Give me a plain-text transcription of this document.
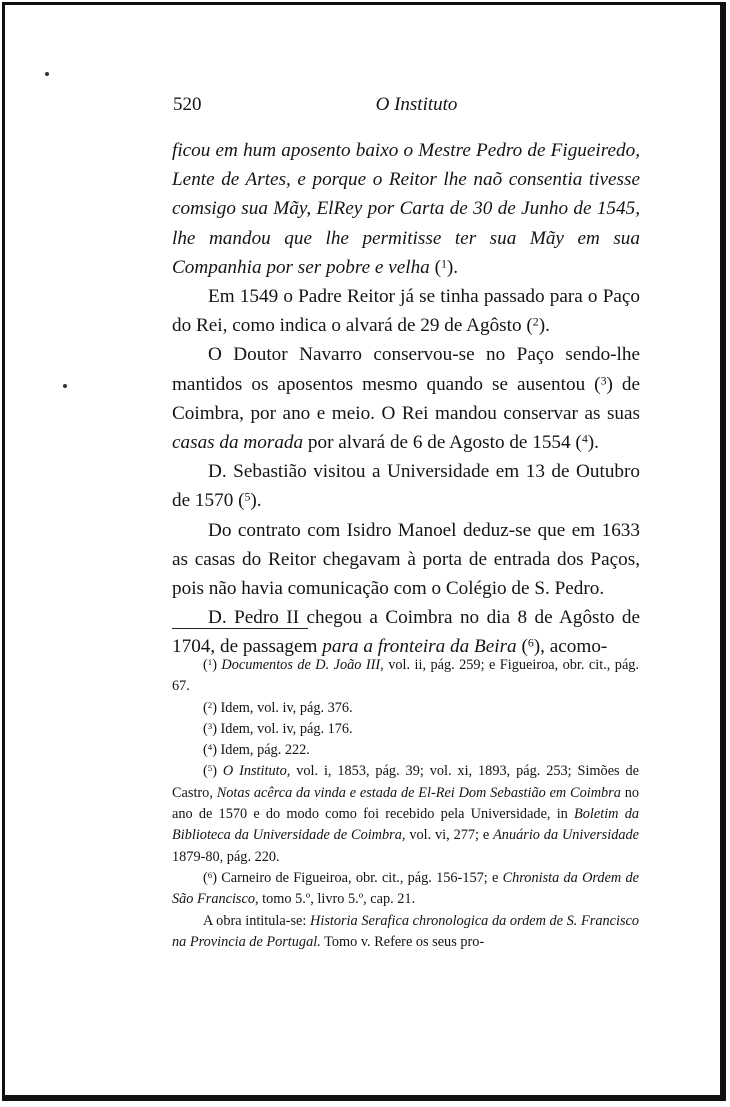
520	O Instituto

ficou em hum aposento baixo o Mestre Pedro de Figueiredo, Lente de Artes, e porque o Reitor lhe naõ consentia tivesse comsigo sua Mãy, ElRey por Carta de 30 de Junho de 1545, lhe mandou que lhe permitisse ter sua Mãy em sua Companhia por ser pobre e velha ($^1$).

Em 1549 o Padre Reitor já se tinha passado para o Paço do Rei, como indica o alvará de 29 de Agôsto ($^2$).

O Doutor Navarro conservou-se no Paço sendo-lhe mantidos os aposentos mesmo quando se ausentou ($^3$) de Coimbra, por ano e meio. O Rei mandou conservar as suas casas da morada por alvará de 6 de Agosto de 1554 ($^4$).

D. Sebastião visitou a Universidade em 13 de Outubro de 1570 ($^5$).

Do contrato com Isidro Manoel deduz-se que em 1633 as casas do Reitor chegavam à porta de entrada dos Paços, pois não havia comunicação com o Colégio de S. Pedro.

D. Pedro II chegou a Coimbra no dia 8 de Agôsto de 1704, de passagem para a fronteira da Beira ($^6$), acomo-

($^1$) Documentos de D. João III, vol. ii, pág. 259; e Figueiroa, obr. cit., pág. 67.

($^2$) Idem, vol. iv, pág. 376.

($^3$) Idem, vol. iv, pág. 176.

($^4$) Idem, pág. 222.

($^5$) O Instituto, vol. i, 1853, pág. 39; vol. xi, 1893, pág. 253; Simões de Castro, Notas acêrca da vinda e estada de El-Rei Dom Sebastião em Coimbra no ano de 1570 e do modo como foi recebido pela Universidade, in Boletim da Biblioteca da Universidade de Coimbra, vol. vi, 277; e Anuário da Universidade 1879-80, pág. 220.

($^6$) Carneiro de Figueiroa, obr. cit., pág. 156-157; e Chronista da Ordem de São Francisco, tomo 5.º, livro 5.º, cap. 21.

A obra intitula-se: Historia Serafica chronologica da ordem de S. Francisco na Provincia de Portugal. Tomo v. Refere os seus pro-
